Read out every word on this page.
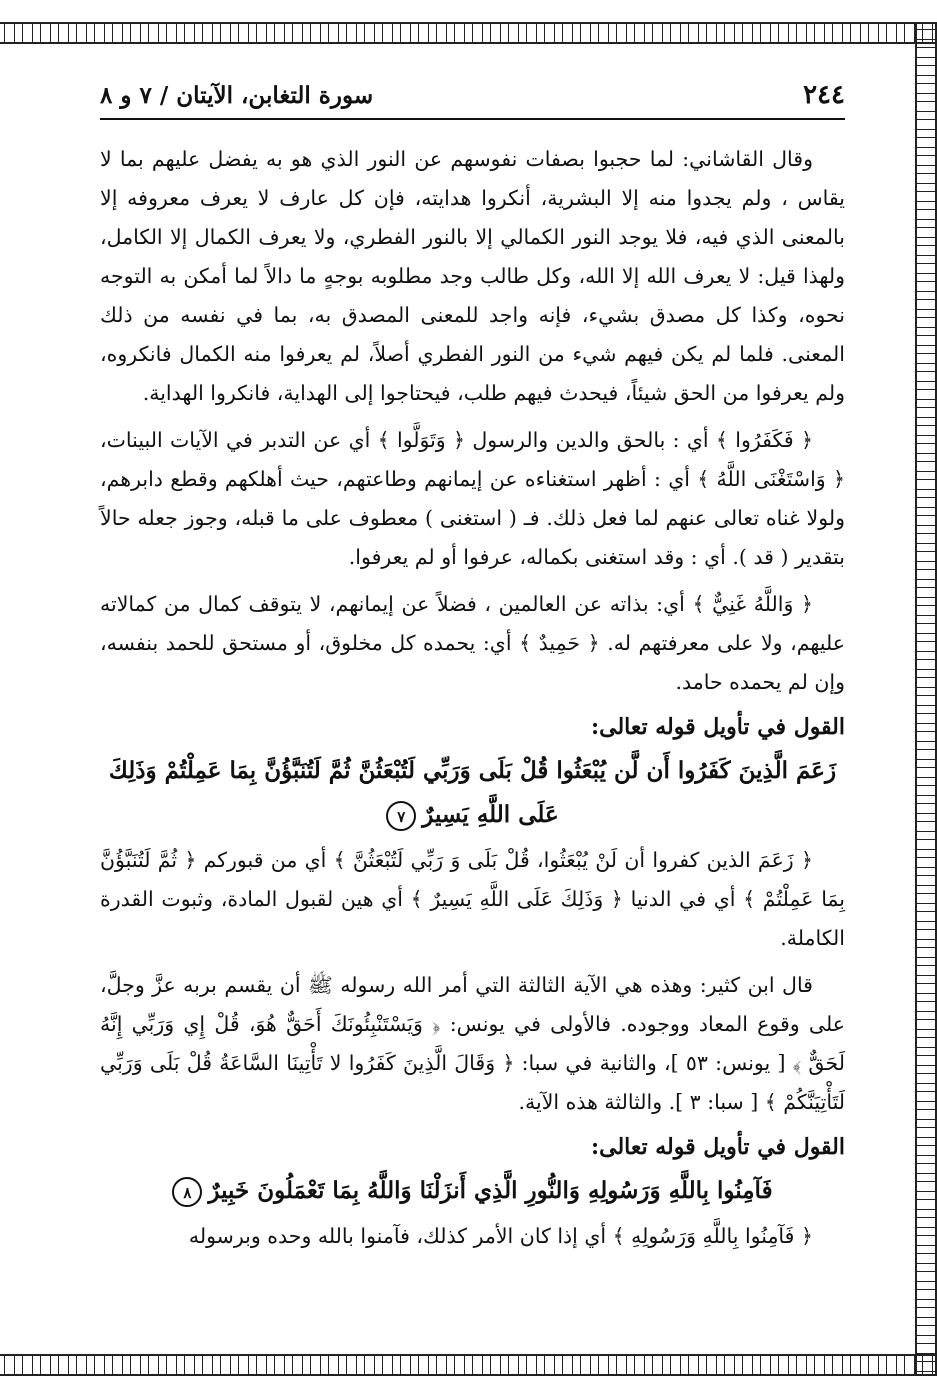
٢٤٤
سورة التغابن، الآيتان / ٧ و ٨

وقال القاشاني: لما حجبوا بصفات نفوسهم عن النور الذي هو به يفضل عليهم بما لا يقاس ، ولم يجدوا منه إلا البشرية، أنكروا هدايته، فإن كل عارف لا يعرف معروفه إلا بالمعنى الذي فيه، فلا يوجد النور الكمالي إلا بالنور الفطري، ولا يعرف الكمال إلا الكامل، ولهذا قيل: لا يعرف الله إلا الله، وكل طالب وجد مطلوبه بوجهٍ ما دالاً لما أمكن به التوجه نحوه، وكذا كل مصدق بشيء، فإنه واجد للمعنى المصدق به، بما في نفسه من ذلك المعنى. فلما لم يكن فيهم شيء من النور الفطري أصلاً، لم يعرفوا منه الكمال فانكروه، ولم يعرفوا من الحق شيئاً، فيحدث فيهم طلب، فيحتاجوا إلى الهداية، فانكروا الهداية.

﴿ فَكَفَرُوا ﴾ أي : بالحق والدين والرسول ﴿ وَتَوَلَّوا ﴾ أي عن التدبر في الآيات البينات، ﴿ وَاسْتَغْنَى اللَّهُ ﴾ أي : أظهر استغناءه عن إيمانهم وطاعتهم، حيث أهلكهم وقطع دابرهم، ولولا غناه تعالى عنهم لما فعل ذلك. فـ ( استغنى ) معطوف على ما قبله، وجوز جعله حالاً بتقدير ( قد ). أي : وقد استغنى بكماله، عرفوا أو لم يعرفوا.

﴿ وَاللَّهُ غَنِيٌّ ﴾ أي: بذاته عن العالمين ، فضلاً عن إيمانهم، لا يتوقف كمال من كمالاته عليهم، ولا على معرفتهم له. ﴿ حَمِيدٌ ﴾ أي: يحمده كل مخلوق، أو مستحق للحمد بنفسه، وإن لم يحمده حامد.

القول في تأويل قوله تعالى:

زَعَمَ الَّذِينَ كَفَرُوا أَن لَّن يُبْعَثُوا قُلْ بَلَى وَرَبِّي لَتُبْعَثُنَّ ثُمَّ لَتُنَبَّؤُنَّ بِمَا عَمِلْتُمْ وَذَلِكَ عَلَى اللَّهِ يَسِيرٌ٧

﴿ زَعَمَ الذين كفروا أن لَنْ يُبْعَثُوا، قُلْ بَلَى وَ رَبِّي لَتُبْعَثُنَّ ﴾ أي من قبوركم ﴿ ثُمَّ لَتُنَبَّؤُنَّ بِمَا عَمِلْتُمْ ﴾ أي في الدنيا ﴿ وَذَلِكَ عَلَى اللَّهِ يَسِيرٌ ﴾ أي هين لقبول المادة، وثبوت القدرة الكاملة.

قال ابن كثير: وهذه هي الآية الثالثة التي أمر الله رسوله ﷺ أن يقسم بربه عزَّ وجلَّ، على وقوع المعاد ووجوده. فالأولى في يونس: ﴿ وَيَسْتَنْبِئُونَكَ أَحَقٌّ هُوَ، قُلْ إِي وَرَبِّي إِنَّهُ لَحَقٌّ ﴾ [ يونس: ٥٣ ]، والثانية في سبا: ﴿ وَقَالَ الَّذِينَ كَفَرُوا لا تَأْتِينَا السَّاعَةُ قُلْ بَلَى وَرَبِّي لَتَأْتِيَنَّكُمْ ﴾ [ سبا: ٣ ]. والثالثة هذه الآية.

القول في تأويل قوله تعالى:

فَآمِنُوا بِاللَّهِ وَرَسُولِهِ وَالنُّورِ الَّذِي أَنزَلْنَا وَاللَّهُ بِمَا تَعْمَلُونَ خَبِيرٌ٨

﴿ فَآمِنُوا بِاللَّهِ وَرَسُولِهِ ﴾ أي إذا كان الأمر كذلك، فآمنوا بالله وحده وبرسوله
